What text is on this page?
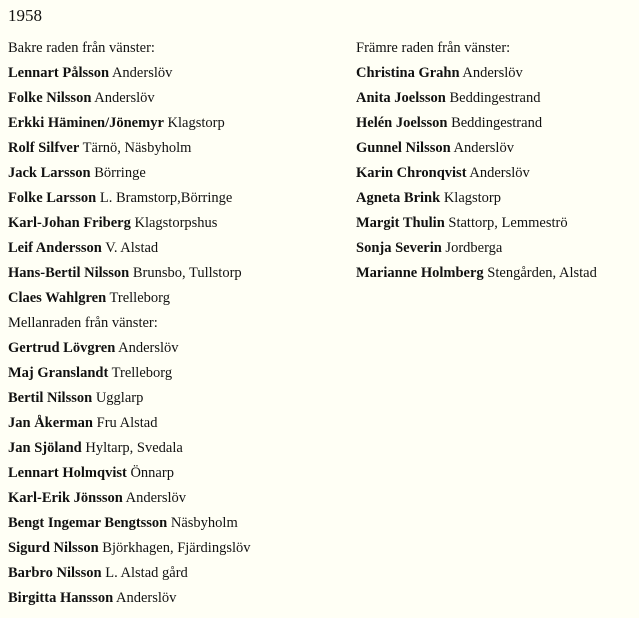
1958
Bakre raden från vänster:
Lennart Pålsson Anderslöv
Folke Nilsson Anderslöv
Erkki Häminen/Jönemyr Klagstorp
Rolf Silfver Tärnö, Näsbyholm
Jack Larsson Börringe
Folke Larsson L. Bramstorp,Börringe
Karl-Johan Friberg Klagstorpshus
Leif Andersson V. Alstad
Hans-Bertil Nilsson Brunsbo, Tullstorp
Claes Wahlgren Trelleborg
Mellanraden från vänster:
Gertrud Lövgren Anderslöv
Maj Granslandt Trelleborg
Bertil Nilsson Ugglarp
Jan Åkerman Fru Alstad
Jan Sjöland Hyltarp, Svedala
Lennart Holmqvist Önnarp
Karl-Erik Jönsson Anderslöv
Bengt Ingemar Bengtsson Näsbyholm
Sigurd Nilsson Björkhagen, Fjärdingslöv
Barbro Nilsson L. Alstad gård
Birgitta Hansson Anderslöv
Främre raden från vänster:
Christina Grahn Anderslöv
Anita Joelsson Beddingestrand
Helén Joelsson Beddingestrand
Gunnel Nilsson Anderslöv
Karin Chronqvist Anderslöv
Agneta Brink Klagstorp
Margit Thulin Stattorp, Lemmeströ
Sonja Severin Jordberga
Marianne Holmberg Stengården, Alstad
